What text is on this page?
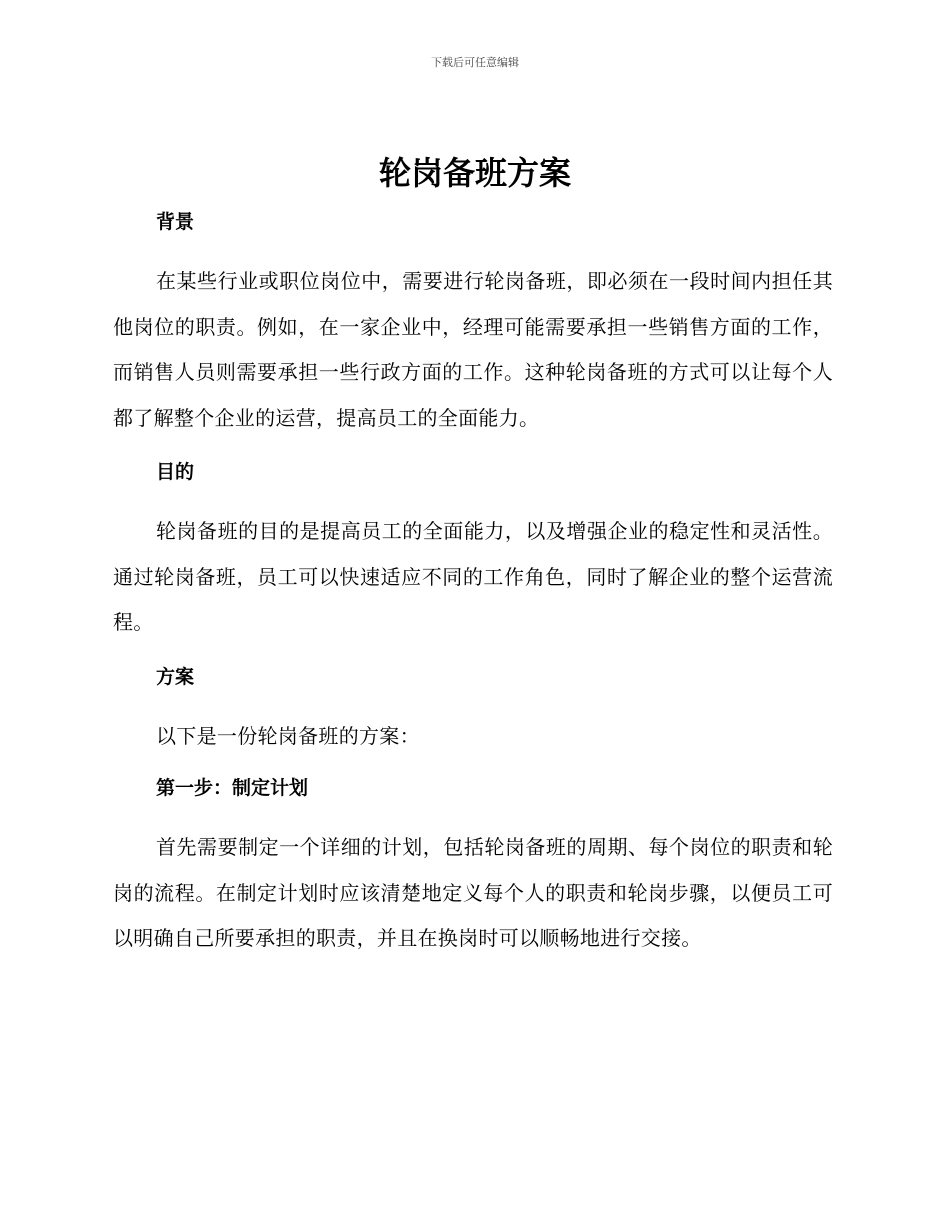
下载后可任意编辑
轮岗备班方案
背景

在某些行业或职位岗位中，需要进行轮岗备班，即必须在一段时间内担任其他岗位的职责。例如，在一家企业中，经理可能需要承担一些销售方面的工作，而销售人员则需要承担一些行政方面的工作。这种轮岗备班的方式可以让每个人都了解整个企业的运营，提高员工的全面能力。

目的

轮岗备班的目的是提高员工的全面能力，以及增强企业的稳定性和灵活性。通过轮岗备班，员工可以快速适应不同的工作角色，同时了解企业的整个运营流程。

方案

以下是一份轮岗备班的方案：

第一步：制定计划

首先需要制定一个详细的计划，包括轮岗备班的周期、每个岗位的职责和轮岗的流程。在制定计划时应该清楚地定义每个人的职责和轮岗步骤，以便员工可以明确自己所要承担的职责，并且在换岗时可以顺畅地进行交接。
